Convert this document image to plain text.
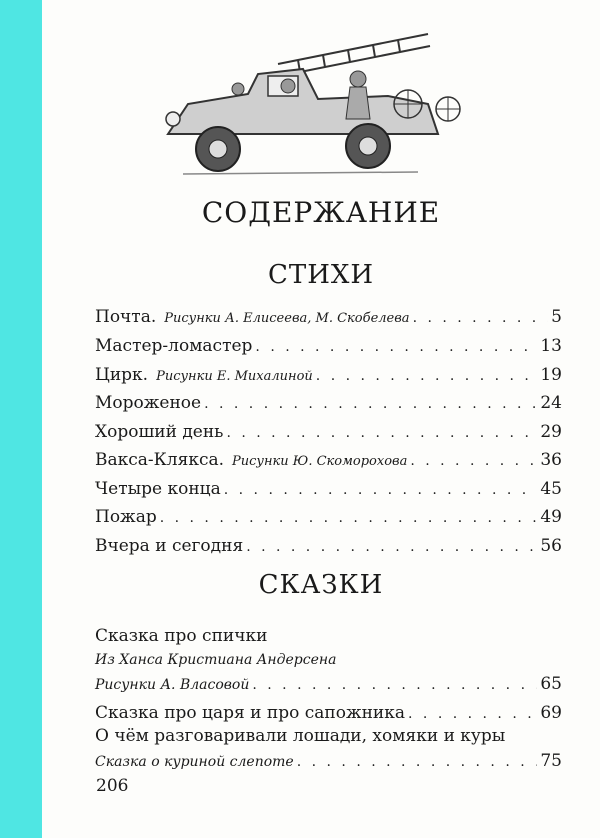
СОДЕРЖАНИЕ
СТИХИ
Почта. Рисунки А. Елисеева, М. Скобелева . . .	5
Мастер-ломастер . . .	13
Цирк. Рисунки Е. Михалиной . . .	19
Мороженое . . .	24
Хороший день . . .	29
Вакса-Клякса. Рисунки Ю. Скоморохова . . .	36
Четыре конца . . .	45
Пожар . . .	49
Вчера и сегодня . . .	56
СКАЗКИ
Сказка про спички
Из Ханса Кристиана Андерсена
Рисунки А. Власовой . . .	65
Сказка про царя и про сапожника . . .	69
О чём разговаривали лошади, хомяки и куры
Сказка о куриной слепоте . . .	75
206
